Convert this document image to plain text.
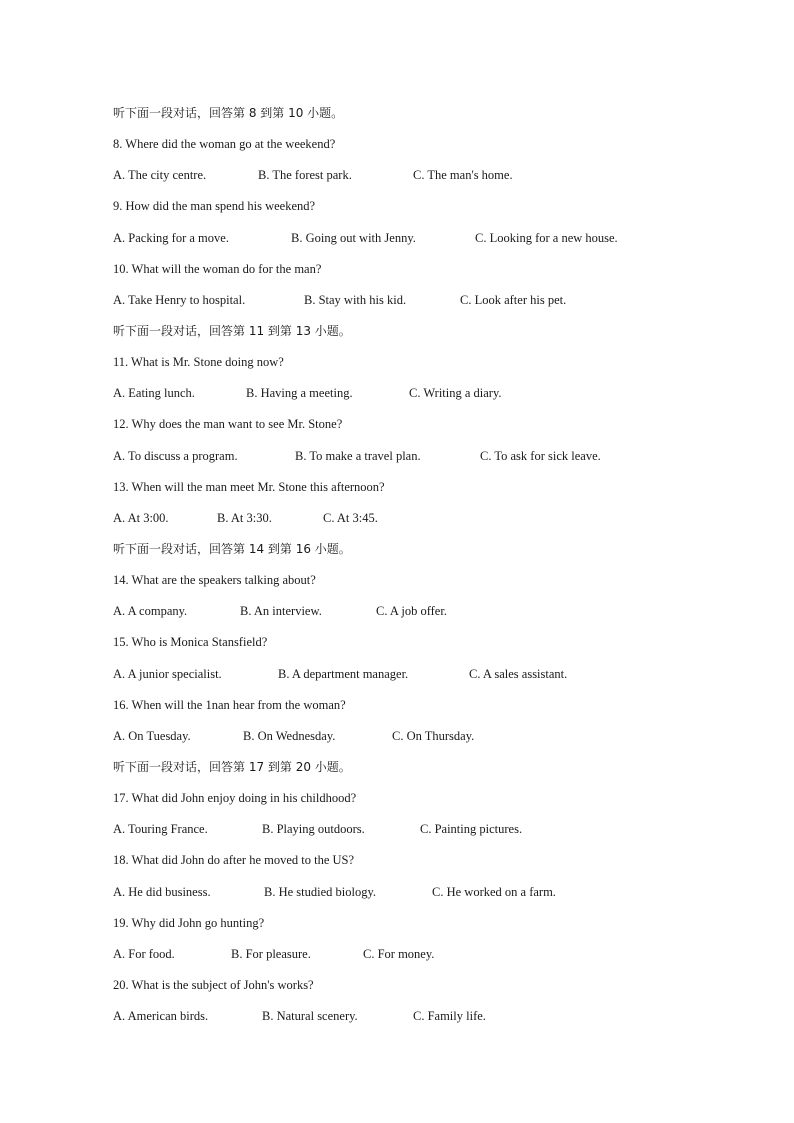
听下面一段对话，回答第 8 到第 10 小题。
8. Where did the woman go at the weekend?
A. The city centre.	B. The forest park.	C. The man's home.
9. How did the man spend his weekend?
A. Packing for a move.	B. Going out with Jenny.	C. Looking for a new house.
10. What will the woman do for the man?
A. Take Henry to hospital.	B. Stay with his kid.	C. Look after his pet.
听下面一段对话，回答第 11 到第 13 小题。
11. What is Mr. Stone doing now?
A. Eating lunch.	B. Having a meeting.	C. Writing a diary.
12. Why does the man want to see Mr. Stone?
A. To discuss a program.	B. To make a travel plan.	C. To ask for sick leave.
13. When will the man meet Mr. Stone this afternoon?
A. At 3:00.	B. At 3:30.	C. At 3:45.
听下面一段对话，回答第 14 到第 16 小题。
14. What are the speakers talking about?
A. A company.	B. An interview.	C. A job offer.
15. Who is Monica Stansfield?
A. A junior specialist.	B. A department manager.	C. A sales assistant.
16. When will the 1nan hear from the woman?
A. On Tuesday.	B. On Wednesday.	C. On Thursday.
听下面一段对话，回答第 17 到第 20 小题。
17. What did John enjoy doing in his childhood?
A. Touring France.	B. Playing outdoors.	C. Painting pictures.
18. What did John do after he moved to the US?
A. He did business.	B. He studied biology.	C. He worked on a farm.
19. Why did John go hunting?
A. For food.	B. For pleasure.	C. For money.
20. What is the subject of John's works?
A. American birds.	B. Natural scenery.	C. Family life.
